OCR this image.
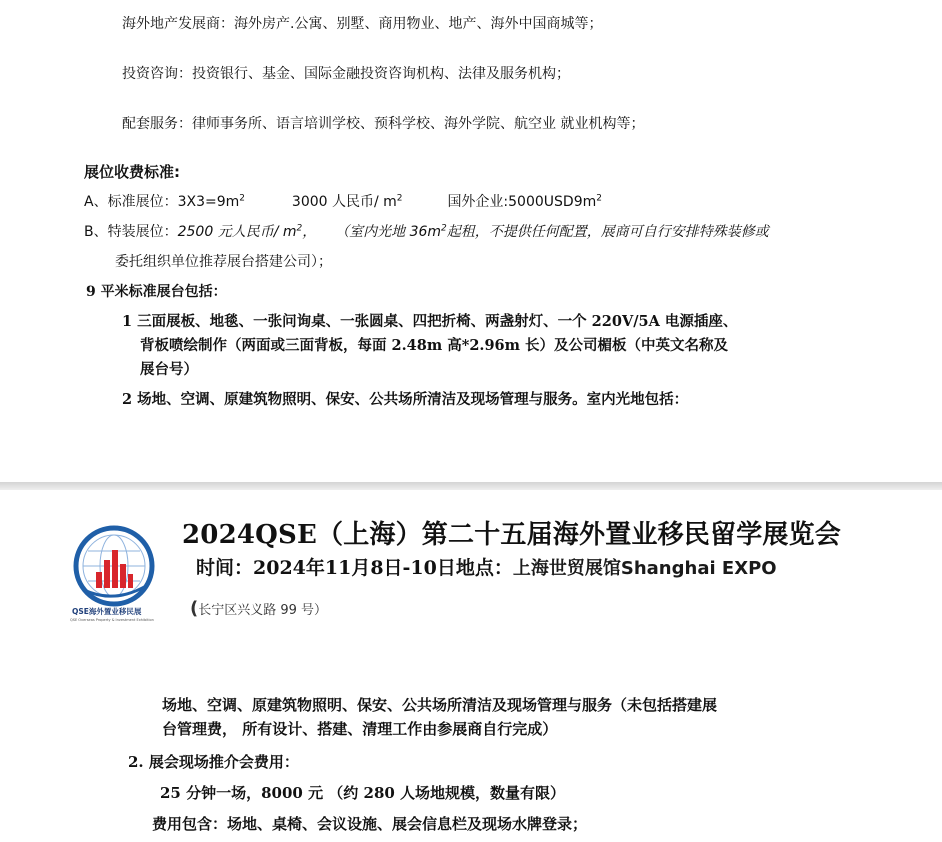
海外地产发展商：海外房产.公寓、别墅、商用物业、地产、海外中国商城等；
投资咨询：投资银行、基金、国际金融投资咨询机构、法律及服务机构；
配套服务：律师事务所、语言培训学校、预科学校、海外学院、航空业 就业机构等；
展位收费标准:
A、标准展位：$3X3=9m^2$	3000 人民币/ $m^2$	国外企业$:5000USD9m^2$
B、特装展位：2500 元人民币/ $m^2$， （室内光地 $36m^2$起租，不提供任何配置，展商可自行安排特殊装修或
委托组织单位推荐展台搭建公司）；
9 平米标准展台包括：
1 三面展板、地毯、一张问询桌、一张圆桌、四把折椅、两盏射灯、一个 220V/5A 电源插座、
背板喷绘制作（两面或三面背板，每面 2.48m 高*2.96m 长）及公司楣板（中英文名称及
展台号）
2 场地、空调、原建筑物照明、保安、公共场所清洁及现场管理与服务。室内光地包括：
QSE海外置业移民展
QSE Overseas Property & Investment Exhibition
2024QSE（上海）第二十五届海外置业移民留学展览会
时间：2024年11月8日-10日地点：上海世贸展馆Shanghai EXPO
(长宁区兴义路 99 号）
场地、空调、原建筑物照明、保安、公共场所清洁及现场管理与服务（未包括搭建展
台管理费， 所有设计、搭建、清理工作由参展商自行完成）
2. 展会现场推介会费用：
25 分钟一场，8000 元 （约 280 人场地规模，数量有限）
费用包含：场地、桌椅、会议设施、展会信息栏及现场水牌登录；
